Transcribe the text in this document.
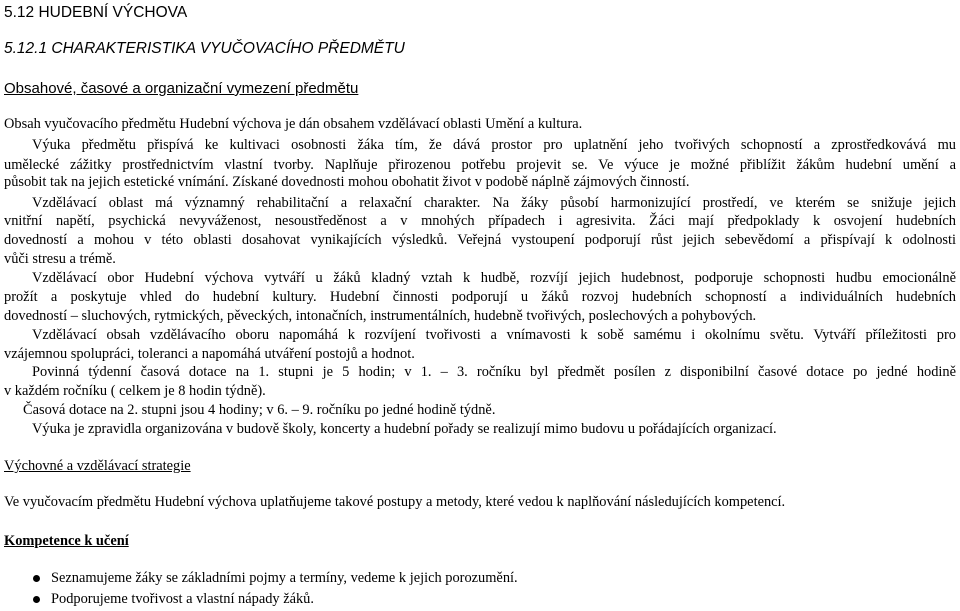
5.12 HUDEBNÍ VÝCHOVA
5.12.1 CHARAKTERISTIKA VYUČOVACÍHO PŘEDMĚTU
Obsahové, časové a organizační vymezení předmětu
Obsah vyučovacího předmětu Hudební výchova je dán obsahem vzdělávací oblasti Umění a kultura.
Výuka předmětu přispívá ke kultivaci osobnosti žáka tím, že dává prostor pro uplatnění jeho tvořivých schopností a zprostředkovává mu
umělecké zážitky prostřednictvím vlastní tvorby. Naplňuje přirozenou potřebu projevit se. Ve výuce je možné přiblížit žákům hudební umění a
působit tak na jejich estetické vnímání. Získané dovednosti mohou obohatit život v podobě náplně zájmových činností.
Vzdělávací oblast má významný rehabilitační a relaxační charakter. Na žáky působí harmonizující prostředí, ve kterém se snižuje jejich
vnitřní napětí, psychická nevyváženost, nesoustředěnost a v mnohých případech i agresivita. Žáci mají předpoklady k osvojení hudebních
dovedností a mohou v této oblasti dosahovat vynikajících výsledků. Veřejná vystoupení podporují růst jejich sebevědomí a přispívají k odolnosti
vůči stresu a trémě.
Vzdělávací obor Hudební výchova vytváří u žáků kladný vztah k hudbě, rozvíjí jejich hudebnost, podporuje schopnosti hudbu emocionálně
prožít a poskytuje vhled do hudební kultury. Hudební činnosti podporují u žáků rozvoj hudebních schopností a individuálních hudebních
dovedností – sluchových, rytmických, pěveckých, intonačních, instrumentálních, hudebně tvořivých, poslechových a pohybových.
Vzdělávací obsah vzdělávacího oboru napomáhá k rozvíjení tvořivosti a vnímavosti k sobě samému i okolnímu světu. Vytváří příležitosti pro
vzájemnou spolupráci, toleranci a napomáhá utváření postojů a hodnot.
Povinná týdenní časová dotace na 1. stupni je 5 hodin; v 1. – 3. ročníku byl předmět posílen z disponibilní časové dotace po jedné hodině
v každém ročníku ( celkem je 8 hodin týdně).
Časová dotace na 2. stupni jsou 4 hodiny; v 6. – 9. ročníku po jedné hodině týdně.
Výuka je zpravidla organizována v budově školy, koncerty a hudební pořady se realizují mimo budovu u pořádajících organizací.
Výchovné a vzdělávací strategie
Ve vyučovacím předmětu Hudební výchova uplatňujeme takové postupy a metody, které vedou k naplňování následujících kompetencí.
Kompetence k učení
Seznamujeme žáky se základními pojmy a termíny, vedeme k jejich porozumění.
Podporujeme tvořivost a vlastní nápady žáků.
